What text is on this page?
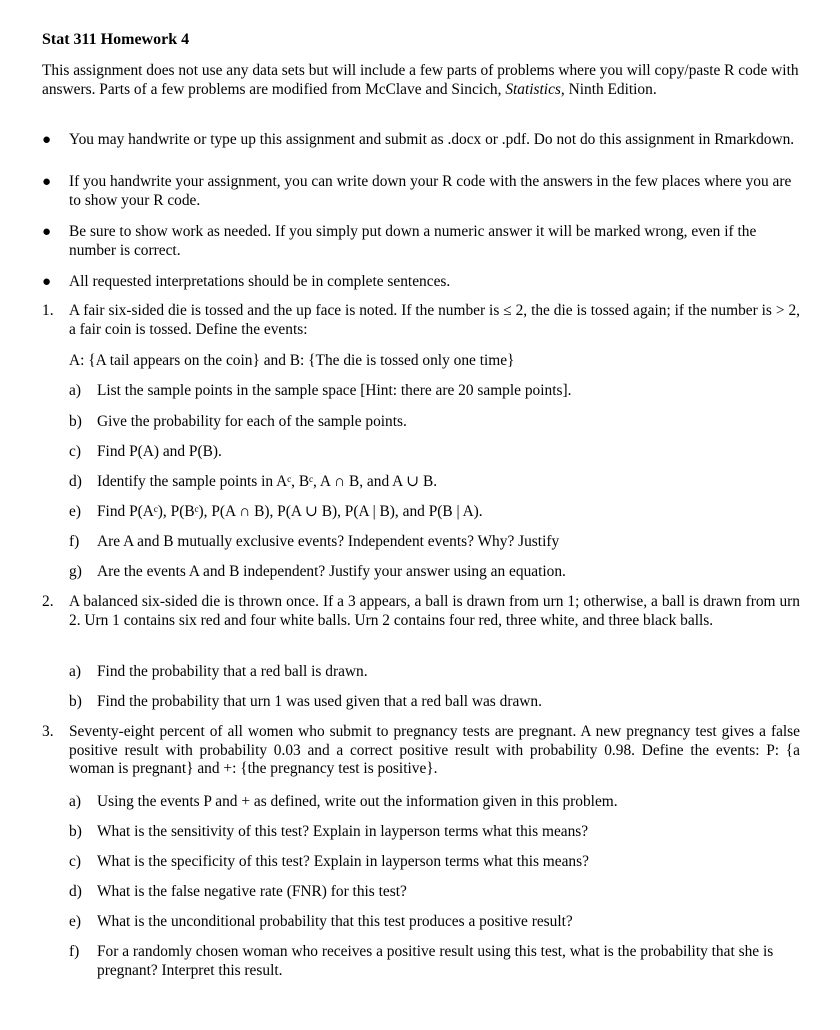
Stat 311 Homework 4
This assignment does not use any data sets but will include a few parts of problems where you will copy/paste R code with answers. Parts of a few problems are modified from McClave and Sincich, Statistics, Ninth Edition.
● You may handwrite or type up this assignment and submit as .docx or .pdf. Do not do this assignment in Rmarkdown.
● If you handwrite your assignment, you can write down your R code with the answers in the few places where you are to show your R code.
● Be sure to show work as needed. If you simply put down a numeric answer it will be marked wrong, even if the number is correct.
● All requested interpretations should be in complete sentences.
1. A fair six-sided die is tossed and the up face is noted. If the number is ≤ 2, the die is tossed again; if the number is > 2, a fair coin is tossed. Define the events:
A: {A tail appears on the coin} and B: {The die is tossed only one time}
a) List the sample points in the sample space [Hint: there are 20 sample points].
b) Give the probability for each of the sample points.
c) Find P(A) and P(B).
d) Identify the sample points in Aᶜ, Bᶜ, A ∩ B, and A ∪ B.
e) Find P(Aᶜ), P(Bᶜ), P(A ∩ B), P(A ∪ B), P(A | B), and P(B | A).
f) Are A and B mutually exclusive events? Independent events? Why? Justify
g) Are the events A and B independent? Justify your answer using an equation.
2. A balanced six-sided die is thrown once. If a 3 appears, a ball is drawn from urn 1; otherwise, a ball is drawn from urn 2. Urn 1 contains six red and four white balls. Urn 2 contains four red, three white, and three black balls.
a) Find the probability that a red ball is drawn.
b) Find the probability that urn 1 was used given that a red ball was drawn.
3. Seventy-eight percent of all women who submit to pregnancy tests are pregnant. A new pregnancy test gives a false positive result with probability 0.03 and a correct positive result with probability 0.98. Define the events: P: {a woman is pregnant} and +: {the pregnancy test is positive}.
a) Using the events P and + as defined, write out the information given in this problem.
b) What is the sensitivity of this test? Explain in layperson terms what this means?
c) What is the specificity of this test? Explain in layperson terms what this means?
d) What is the false negative rate (FNR) for this test?
e) What is the unconditional probability that this test produces a positive result?
f) For a randomly chosen woman who receives a positive result using this test, what is the probability that she is pregnant? Interpret this result.
